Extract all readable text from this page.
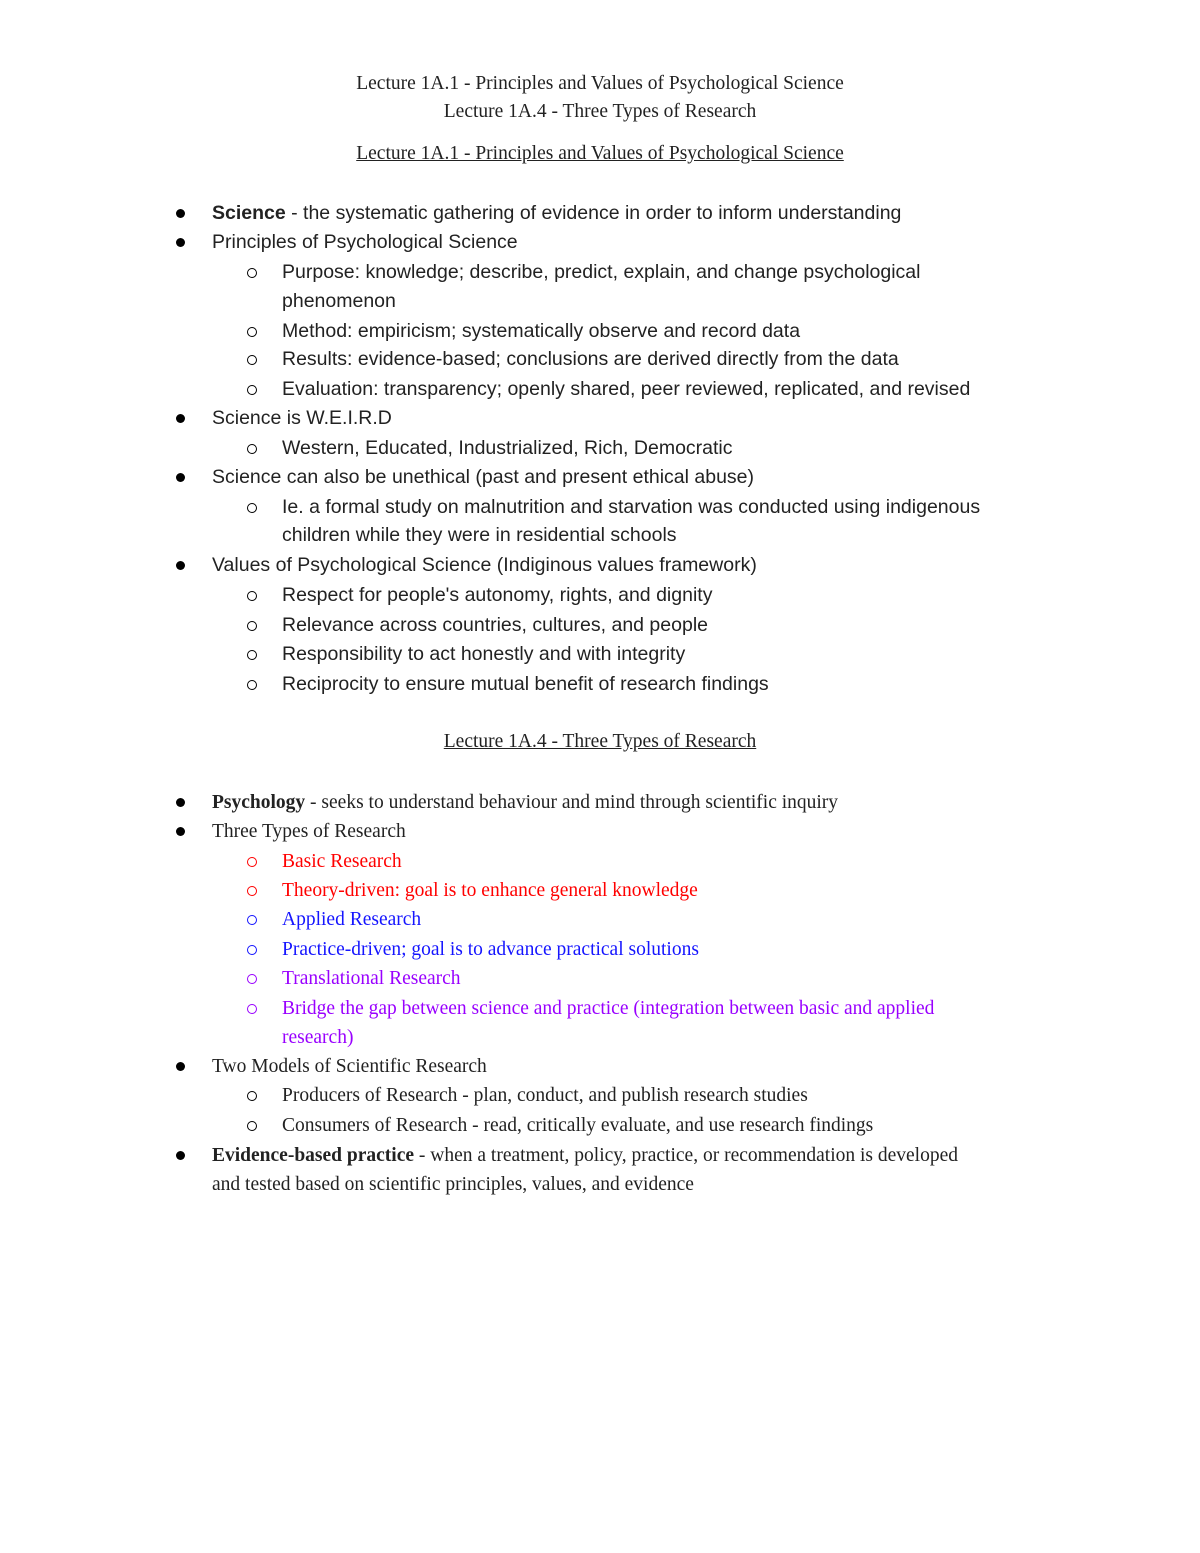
Lecture 1A.1 - Principles and Values of Psychological Science

Lecture 1A.4 - Three Types of Research

Lecture 1A.1 - Principles and Values of Psychological Science

Science - the systematic gathering of evidence in order to inform understanding
Principles of Psychological Science
Purpose: knowledge; describe, predict, explain, and change psychological
phenomenon
Method: empiricism; systematically observe and record data
Results: evidence-based; conclusions are derived directly from the data
Evaluation: transparency; openly shared, peer reviewed, replicated, and revised
Science is W.E.I.R.D
Western, Educated, Industrialized, Rich, Democratic
Science can also be unethical (past and present ethical abuse)
Ie. a formal study on malnutrition and starvation was conducted using indigenous
children while they were in residential schools
Values of Psychological Science (Indiginous values framework)
Respect for people's autonomy, rights, and dignity
Relevance across countries, cultures, and people
Responsibility to act honestly and with integrity
Reciprocity to ensure mutual benefit of research findings

Lecture 1A.4 - Three Types of Research

Psychology - seeks to understand behaviour and mind through scientific inquiry
Three Types of Research
Basic Research
Theory-driven: goal is to enhance general knowledge
Applied Research
Practice-driven; goal is to advance practical solutions
Translational Research
Bridge the gap between science and practice (integration between basic and applied
research)
Two Models of Scientific Research
Producers of Research - plan, conduct, and publish research studies
Consumers of Research - read, critically evaluate, and use research findings
Evidence-based practice - when a treatment, policy, practice, or recommendation is developed
and tested based on scientific principles, values, and evidence
